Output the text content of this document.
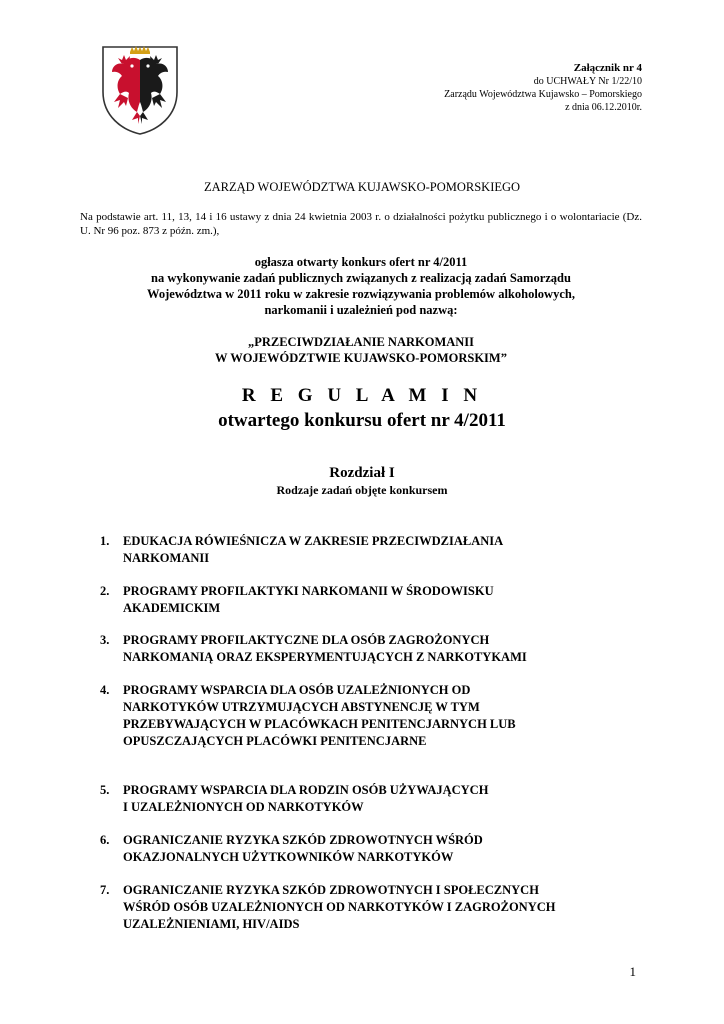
Załącznik nr 4
do UCHWAŁY Nr 1/22/10
Zarządu Województwa Kujawsko – Pomorskiego
z dnia 06.12.2010r.
ZARZĄD WOJEWÓDZTWA KUJAWSKO-POMORSKIEGO
Na podstawie art. 11, 13, 14 i 16 ustawy z dnia 24 kwietnia 2003 r. o działalności pożytku publicznego i o wolontariacie (Dz. U. Nr 96 poz. 873 z późn. zm.),
ogłasza otwarty konkurs ofert nr 4/2011
na wykonywanie zadań publicznych związanych z realizacją zadań Samorządu
Województwa w 2011 roku w zakresie rozwiązywania problemów alkoholowych,
narkomanii i uzależnień pod nazwą:
„PRZECIWDZIAŁANIE NARKOMANII
W WOJEWÓDZTWIE KUJAWSKO-POMORSKIM”
R E G U L A M I N
otwartego konkursu ofert nr 4/2011
Rozdział I
Rodzaje zadań objęte konkursem
1. EDUKACJA RÓWIEŚNICZA W ZAKRESIE PRZECIWDZIAŁANIA
NARKOMANII
2. PROGRAMY PROFILAKTYKI NARKOMANII W ŚRODOWISKU
AKADEMICKIM
3. PROGRAMY PROFILAKTYCZNE DLA OSÓB ZAGROŻONYCH
NARKOMANIĄ ORAZ EKSPERYMENTUJĄCYCH Z NARKOTYKAMI
4. PROGRAMY WSPARCIA DLA OSÓB UZALEŻNIONYCH OD
NARKOTYKÓW UTRZYMUJĄCYCH ABSTYNENCJĘ W TYM
PRZEBYWAJĄCYCH W PLACÓWKACH PENITENCJARNYCH LUB
OPUSZCZAJĄCYCH PLACÓWKI PENITENCJARNE
5. PROGRAMY WSPARCIA DLA RODZIN OSÓB UŻYWAJĄCYCH
I UZALEŻNIONYCH OD NARKOTYKÓW
6. OGRANICZANIE RYZYKA SZKÓD ZDROWOTNYCH WŚRÓD
OKAZJONALNYCH UŻYTKOWNIKÓW NARKOTYKÓW
7. OGRANICZANIE RYZYKA SZKÓD ZDROWOTNYCH I SPOŁECZNYCH
WŚRÓD OSÓB UZALEŻNIONYCH OD NARKOTYKÓW I ZAGROŻONYCH
UZALEŻNIENIAMI, HIV/AIDS
1
